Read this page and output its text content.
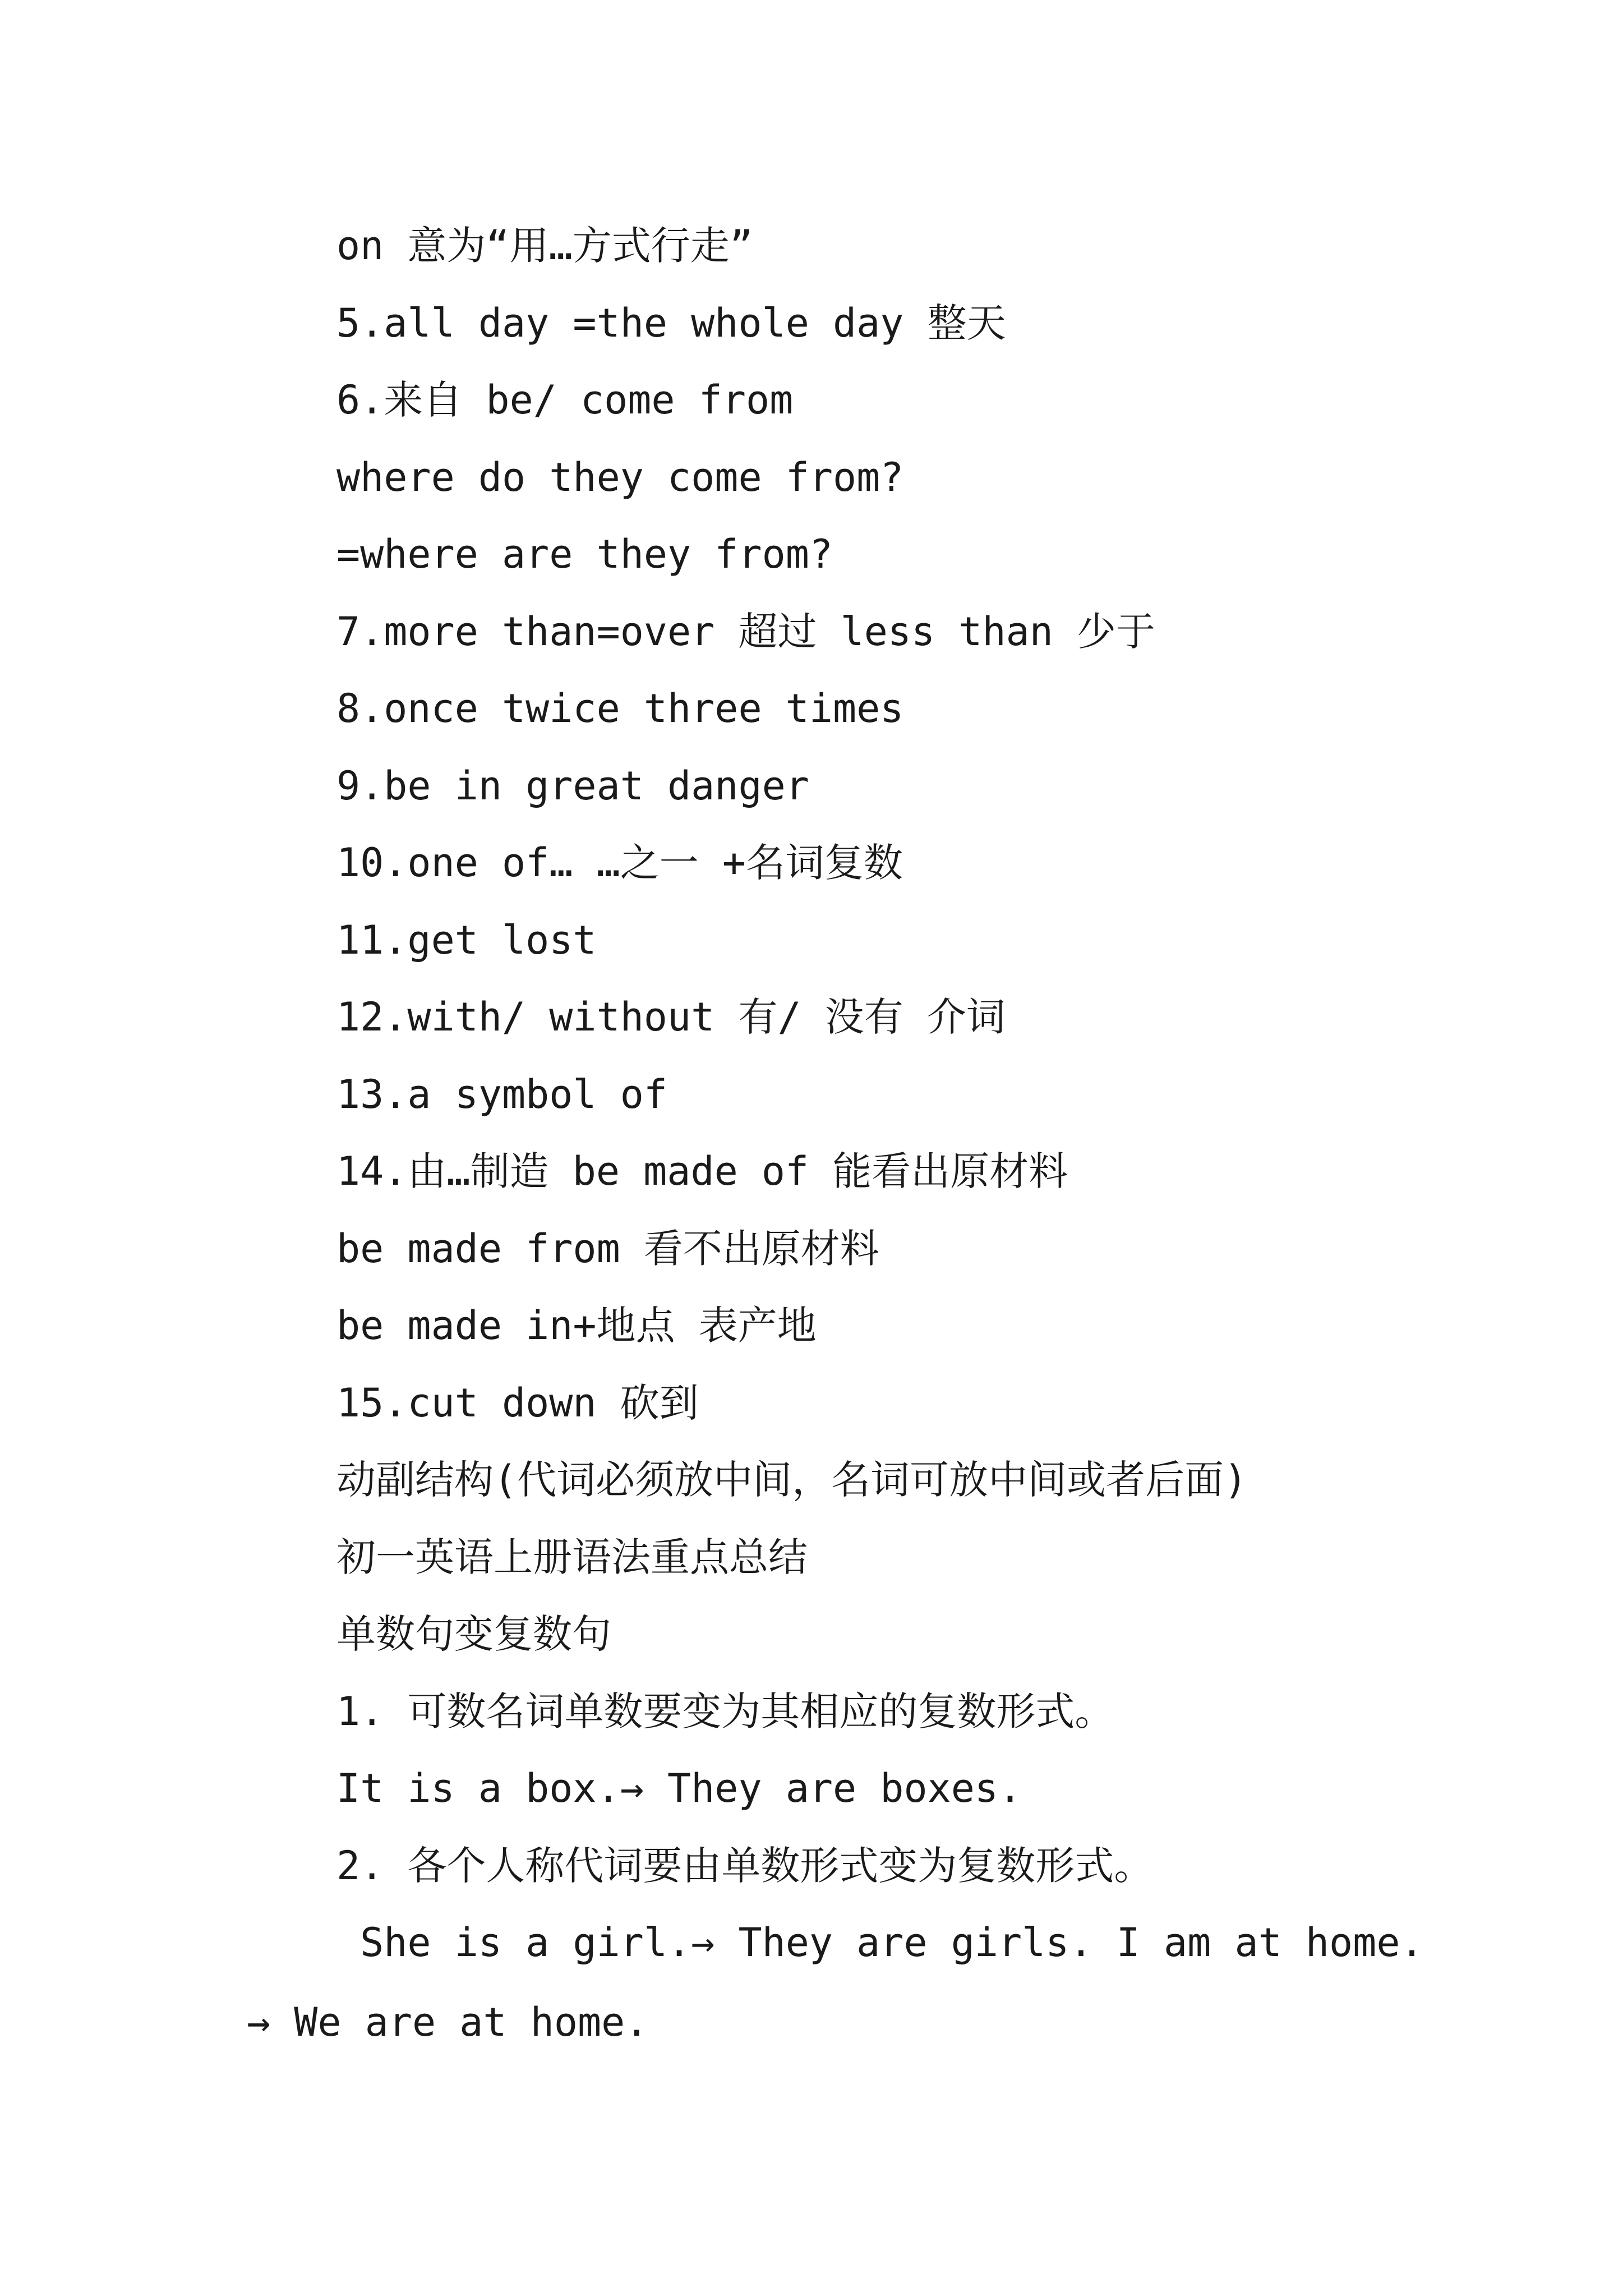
on 意为“用…方式行走”
5.all day =the whole day 整天
6.来自 be/ come from
where do they come from?
=where are they from?
7.more than=over 超过 less than 少于
8.once twice three times
9.be in great danger
10.one of… …之一 +名词复数
11.get lost
12.with/ without 有/ 没有 介词
13.a symbol of
14.由…制造 be made of 能看出原材料
be made from 看不出原材料
be made in+地点 表产地
15.cut down 砍到
动副结构(代词必须放中间，名词可放中间或者后面)
初一英语上册语法重点总结
单数句变复数句
1. 可数名词单数要变为其相应的复数形式。
It is a box.→ They are boxes.
2. 各个人称代词要由单数形式变为复数形式。
She is a girl.→ They are girls. I am at home.
→ We are at home.
